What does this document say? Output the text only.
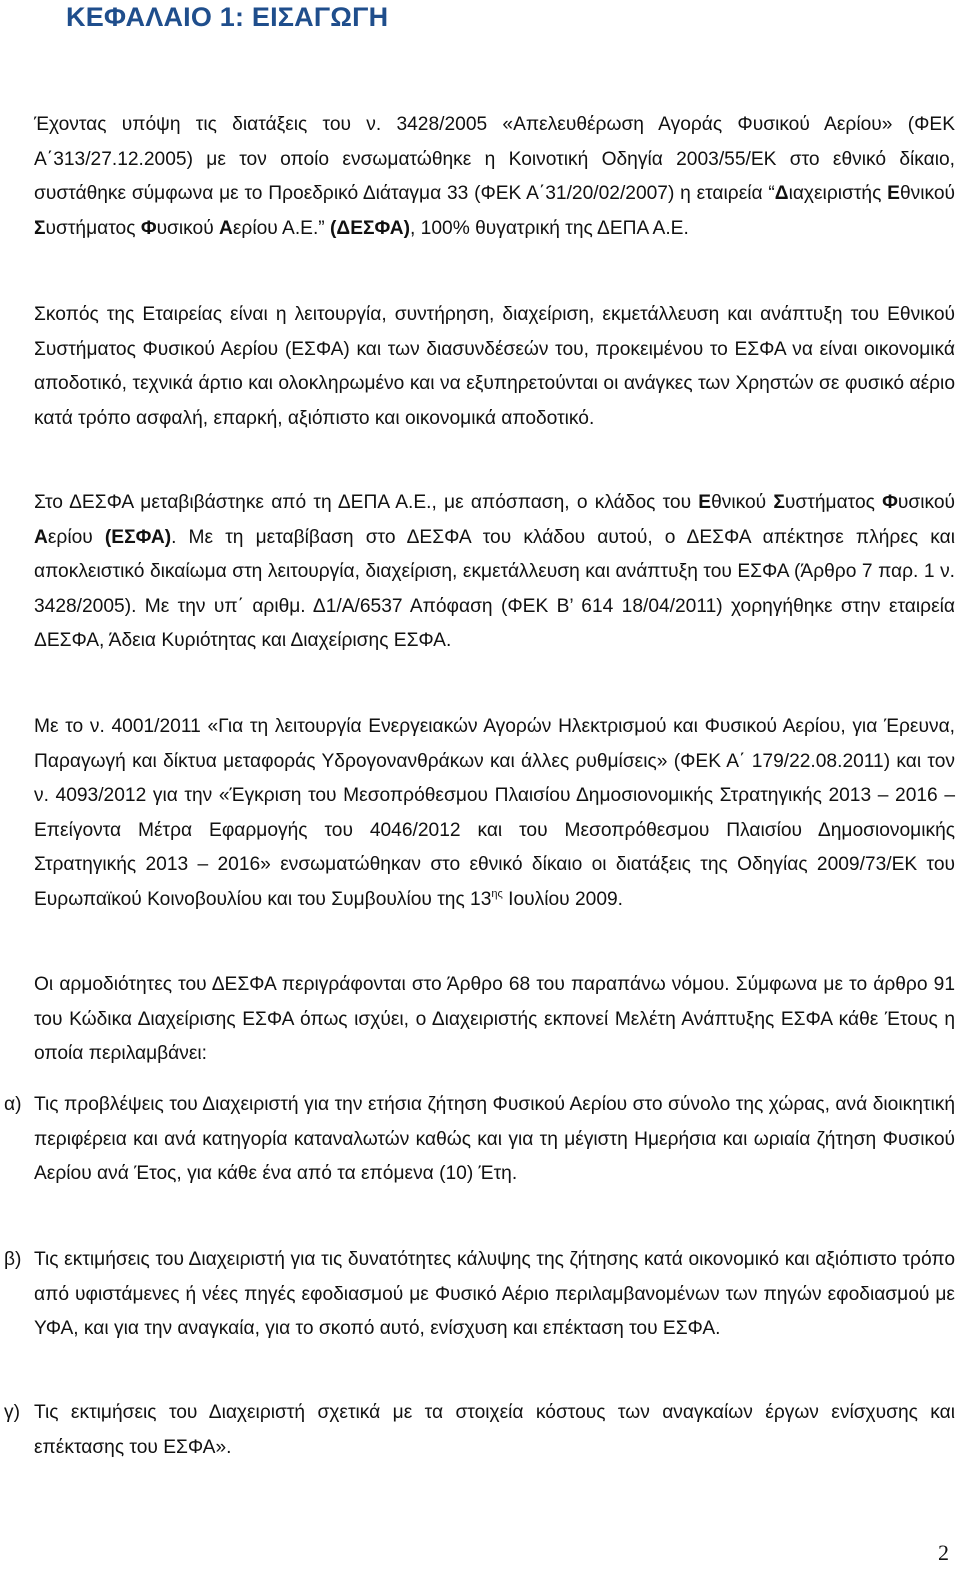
ΚΕΦΑΛΑΙΟ 1: ΕΙΣΑΓΩΓΗ

Έχοντας υπόψη τις διατάξεις του ν. 3428/2005 «Απελευθέρωση Αγοράς Φυσικού Αερίου» (ΦΕΚ Α΄313/27.12.2005) με τον οποίο ενσωματώθηκε η Κοινοτική Οδηγία 2003/55/ΕΚ στο εθνικό δίκαιο, συστάθηκε σύμφωνα με το Προεδρικό Διάταγμα 33 (ΦΕΚ Α΄31/20/02/2007) η εταιρεία “Διαχειριστής Εθνικού Συστήματος Φυσικού Αερίου Α.Ε.” (ΔΕΣΦΑ), 100% θυγατρική της ΔΕΠΑ Α.Ε.

Σκοπός της Εταιρείας είναι η λειτουργία, συντήρηση, διαχείριση, εκμετάλλευση και ανάπτυξη του Εθνικού Συστήματος Φυσικού Αερίου (ΕΣΦΑ) και των διασυνδέσεών του, προκειμένου το ΕΣΦΑ να είναι οικονομικά αποδοτικό, τεχνικά άρτιο και ολοκληρωμένο και να εξυπηρετούνται οι ανάγκες των Χρηστών σε φυσικό αέριο κατά τρόπο ασφαλή, επαρκή, αξιόπιστο και οικονομικά αποδοτικό.

Στο ΔΕΣΦΑ μεταβιβάστηκε από τη ΔΕΠΑ Α.Ε., με απόσπαση, ο κλάδος του Εθνικού Συστήματος Φυσικού Αερίου (ΕΣΦΑ). Με τη μεταβίβαση στο ΔΕΣΦΑ του κλάδου αυτού, ο ΔΕΣΦΑ απέκτησε πλήρες και αποκλειστικό δικαίωμα στη λειτουργία, διαχείριση, εκμετάλλευση και ανάπτυξη του ΕΣΦΑ (Άρθρο 7 παρ. 1 ν. 3428/2005). Με την υπ΄ αριθμ. Δ1/Α/6537 Απόφαση (ΦΕΚ Β’ 614 18/04/2011) χορηγήθηκε στην εταιρεία ΔΕΣΦΑ, Άδεια Κυριότητας και Διαχείρισης ΕΣΦΑ.

Με το ν. 4001/2011 «Για τη λειτουργία Ενεργειακών Αγορών Ηλεκτρισμού και Φυσικού Αερίου, για Έρευνα, Παραγωγή και δίκτυα μεταφοράς Υδρογονανθράκων και άλλες ρυθμίσεις» (ΦΕΚ Α΄ 179/22.08.2011) και τον ν. 4093/2012 για την «Έγκριση του Μεσοπρόθεσμου Πλαισίου Δημοσιονομικής Στρατηγικής 2013 – 2016 – Επείγοντα Μέτρα Εφαρμογής του 4046/2012 και του Μεσοπρόθεσμου Πλαισίου Δημοσιονομικής Στρατηγικής 2013 – 2016» ενσωματώθηκαν στο εθνικό δίκαιο οι διατάξεις της Οδηγίας 2009/73/ΕΚ του Ευρωπαϊκού Κοινοβουλίου και του Συμβουλίου της $13^{\eta\varsigma}$ Ιουλίου 2009.

Οι αρμοδιότητες του ΔΕΣΦΑ περιγράφονται στο Άρθρο 68 του παραπάνω νόμου. Σύμφωνα με το άρθρο 91 του Κώδικα Διαχείρισης ΕΣΦΑ όπως ισχύει, ο Διαχειριστής εκπονεί Μελέτη Ανάπτυξης ΕΣΦΑ κάθε Έτους η οποία περιλαμβάνει:

α) Τις προβλέψεις του Διαχειριστή για την ετήσια ζήτηση Φυσικού Αερίου στο σύνολο της χώρας, ανά διοικητική περιφέρεια και ανά κατηγορία καταναλωτών καθώς και για τη μέγιστη Ημερήσια και ωριαία ζήτηση Φυσικού Αερίου ανά Έτος, για κάθε ένα από τα επόμενα (10) Έτη.
β) Τις εκτιμήσεις του Διαχειριστή για τις δυνατότητες κάλυψης της ζήτησης κατά οικονομικό και αξιόπιστο τρόπο από υφιστάμενες ή νέες πηγές εφοδιασμού με Φυσικό Αέριο περιλαμβανομένων των πηγών εφοδιασμού με ΥΦΑ, και για την αναγκαία, για το σκοπό αυτό, ενίσχυση και επέκταση του ΕΣΦΑ.
γ) Τις εκτιμήσεις του Διαχειριστή σχετικά με τα στοιχεία κόστους των αναγκαίων έργων ενίσχυσης και επέκτασης του ΕΣΦΑ».
2
